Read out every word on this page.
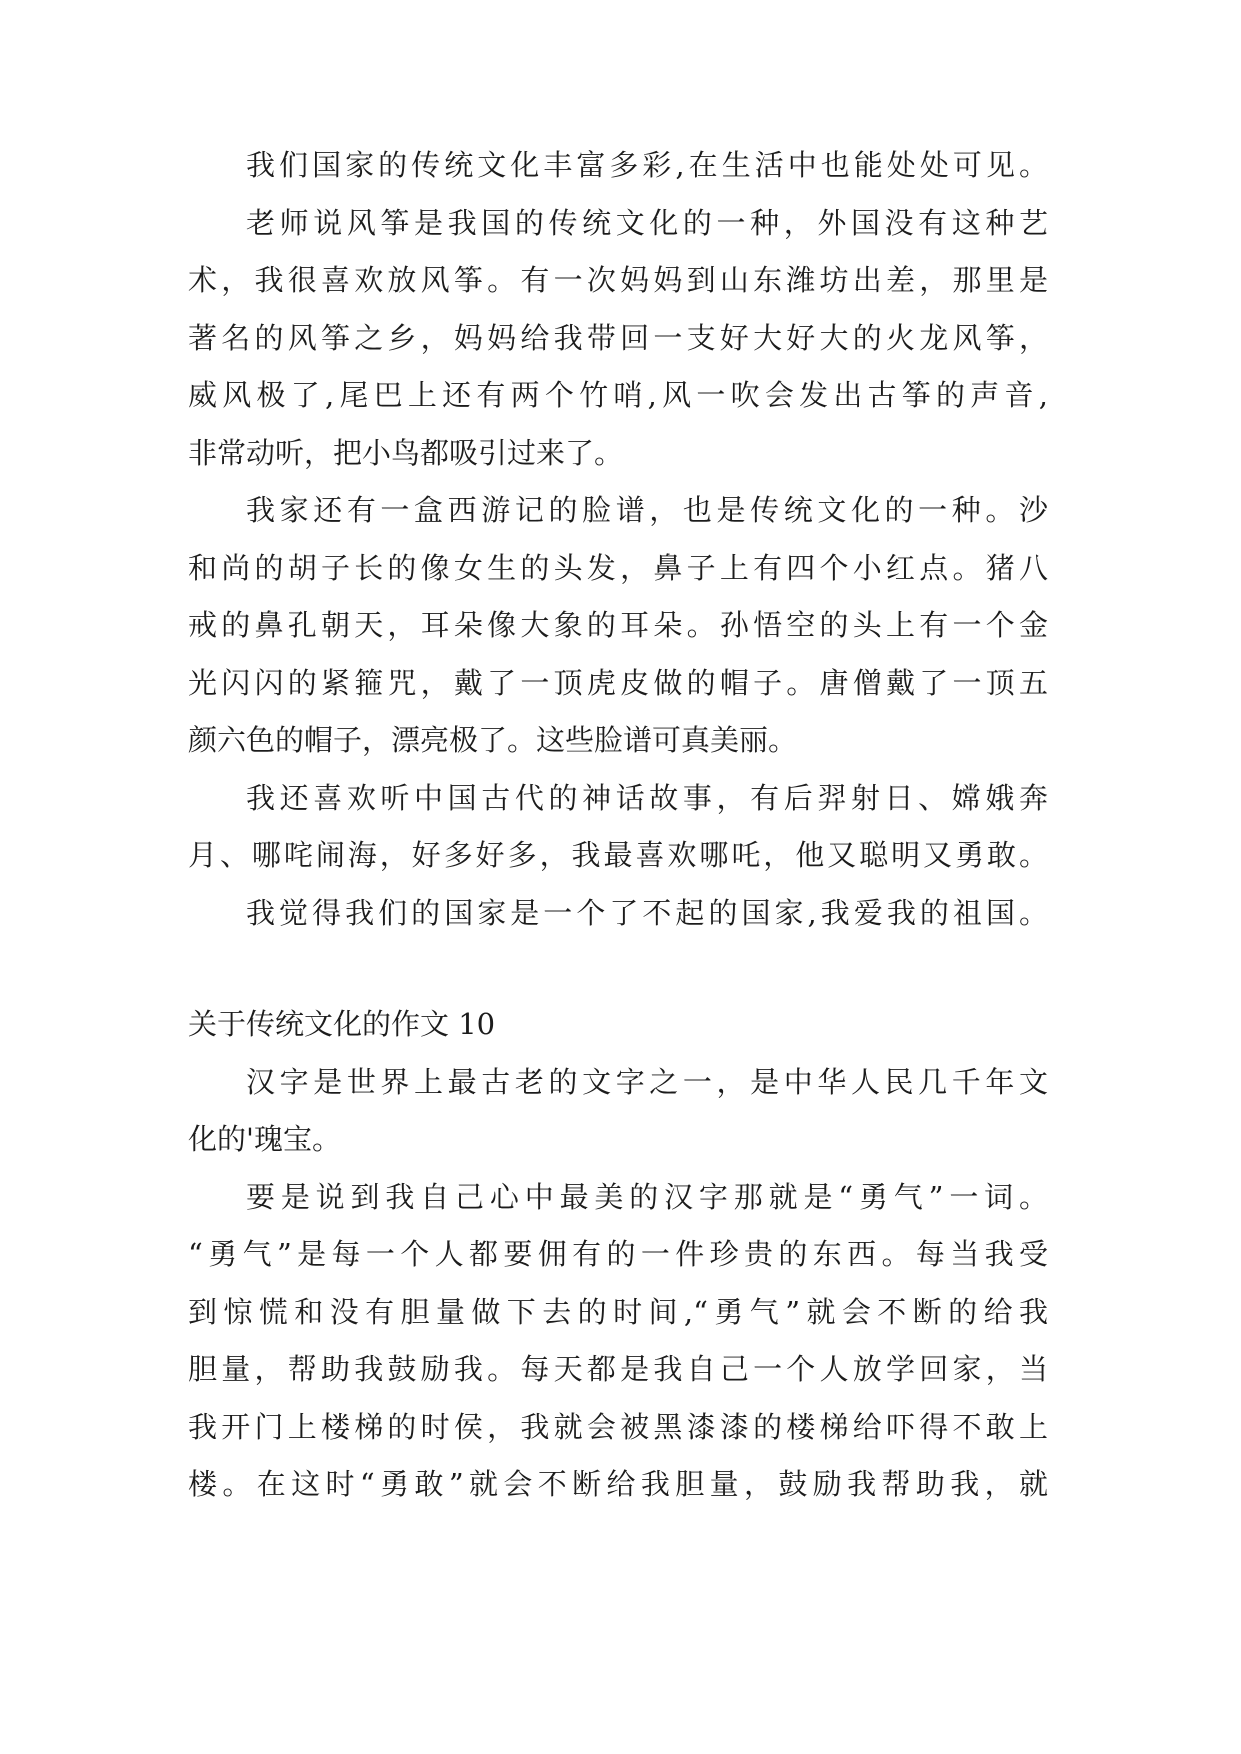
我们国家的传统文化丰富多彩,在生活中也能处处可见。
老师说风筝是我国的传统文化的一种，外国没有这种艺
术，我很喜欢放风筝。有一次妈妈到山东潍坊出差，那里是
著名的风筝之乡，妈妈给我带回一支好大好大的火龙风筝，
威风极了,尾巴上还有两个竹哨,风一吹会发出古筝的声音,
非常动听，把小鸟都吸引过来了。
我家还有一盒西游记的脸谱，也是传统文化的一种。沙
和尚的胡子长的像女生的头发，鼻子上有四个小红点。猪八
戒的鼻孔朝天，耳朵像大象的耳朵。孙悟空的头上有一个金
光闪闪的紧箍咒，戴了一顶虎皮做的帽子。唐僧戴了一顶五
颜六色的帽子，漂亮极了。这些脸谱可真美丽。
我还喜欢听中国古代的神话故事，有后羿射日、嫦娥奔
月、哪咤闹海，好多好多，我最喜欢哪吒，他又聪明又勇敢。
我觉得我们的国家是一个了不起的国家,我爱我的祖国。
关于传统文化的作文 10
汉字是世界上最古老的文字之一，是中华人民几千年文
化的'瑰宝。
要是说到我自己心中最美的汉字那就是“勇气”一词。
“勇气”是每一个人都要佣有的一件珍贵的东西。每当我受
到惊慌和没有胆量做下去的时间,“勇气”就会不断的给我
胆量，帮助我鼓励我。每天都是我自己一个人放学回家，当
我开门上楼梯的时侯，我就会被黑漆漆的楼梯给吓得不敢上
楼。在这时“勇敢”就会不断给我胆量，鼓励我帮助我，就
